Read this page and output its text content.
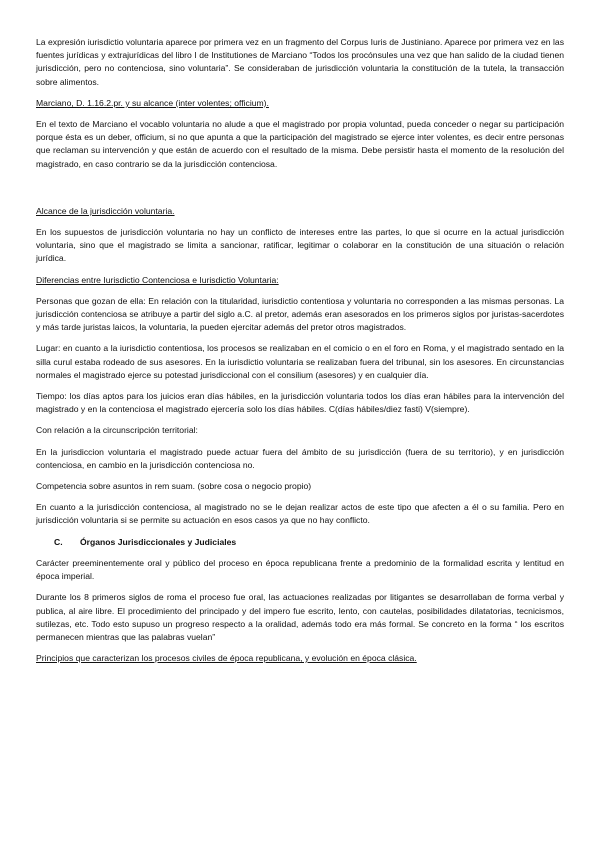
La expresión iurisdictio voluntaria aparece por primera vez en un fragmento del Corpus Iuris de Justiniano. Aparece por primera vez en las fuentes jurídicas y extrajurídicas del libro I de Institutiones de Marciano “Todos los procónsules una vez que han salido de la ciudad tienen jurisdicción, pero no contenciosa, sino voluntaria”. Se consideraban de jurisdicción voluntaria la constitución de la tutela, la transacción sobre alimentos.

Marciano, D. 1.16.2.pr. y su alcance (inter volentes; officium).

En el texto de Marciano el vocablo voluntaria no alude a que el magistrado por propia voluntad, pueda conceder o negar su participación porque ésta es un deber, officium, si no que apunta a que la participación del magistrado se ejerce inter volentes, es decir entre personas que reclaman su intervención y que están de acuerdo con el resultado de la misma. Debe persistir hasta el momento de la resolución del magistrado, en caso contrario se da la jurisdicción contenciosa.

Alcance de la jurisdicción voluntaria.

En los supuestos de jurisdicción voluntaria no hay un conflicto de intereses entre las partes, lo que si ocurre en la actual jurisdicción voluntaria, sino que el magistrado se limita a sancionar, ratificar, legitimar o colaborar en la constitución de una situación o relación jurídica.

Diferencias entre Iurisdictio Contenciosa e Iurisdictio Voluntaria:

Personas que gozan de ella: En relación con la titularidad, iurisdictio contentiosa y voluntaria no corresponden a las mismas personas. La jurisdicción contenciosa se atribuye a partir del siglo a.C. al pretor, además eran asesorados en los primeros siglos por juristas-sacerdotes y más tarde juristas laicos, la voluntaria, la pueden ejercitar además del pretor otros magistrados.

Lugar: en cuanto a la iurisdictio contentiosa, los procesos se realizaban en el comicio o en el foro en Roma, y el magistrado sentado en la silla curul estaba rodeado de sus asesores. En la iurisdictio voluntaria se realizaban fuera del tribunal, sin los asesores. En circunstancias normales el magistrado ejerce su potestad jurisdiccional con el consilium (asesores) y en cualquier día.

Tiempo: los días aptos para los juicios eran días hábiles, en la jurisdicción voluntaria todos los días eran hábiles para la intervención del magistrado y en la contenciosa el magistrado ejercería solo los días hábiles. C(días hábiles/diez fasti) V(siempre).

Con relación a la circunscripción territorial:

En la jurisdiccion voluntaria el magistrado puede actuar fuera del ámbito de su jurisdicción (fuera de su territorio), y en jurisdicción contenciosa, en cambio en la jurisdicción contenciosa no.

Competencia sobre asuntos in rem suam. (sobre cosa o negocio propio)

En cuanto a la jurisdicción contenciosa, al magistrado no se le dejan realizar actos de este tipo que afecten a él o su familia. Pero en jurisdicción voluntaria si se permite su actuación en esos casos ya que no hay conflicto.

C. Órganos Jurisdiccionales y Judiciales

Carácter preeminentemente oral y público del proceso en época republicana frente a predominio de la formalidad escrita y lentitud en época imperial.

Durante los 8 primeros siglos de roma el proceso fue oral, las actuaciones realizadas por litigantes se desarrollaban de forma verbal y publica, al aire libre. El procedimiento del principado y del impero fue escrito, lento, con cautelas, posibilidades dilatatorias, tecnicismos, sutilezas, etc. Todo esto supuso un progreso respecto a la oralidad, además todo era más formal. Se concreto en la forma “ los escritos permanecen mientras que las palabras vuelan”

Principios que caracterizan los procesos civiles de época republicana, y evolución en época clásica.
